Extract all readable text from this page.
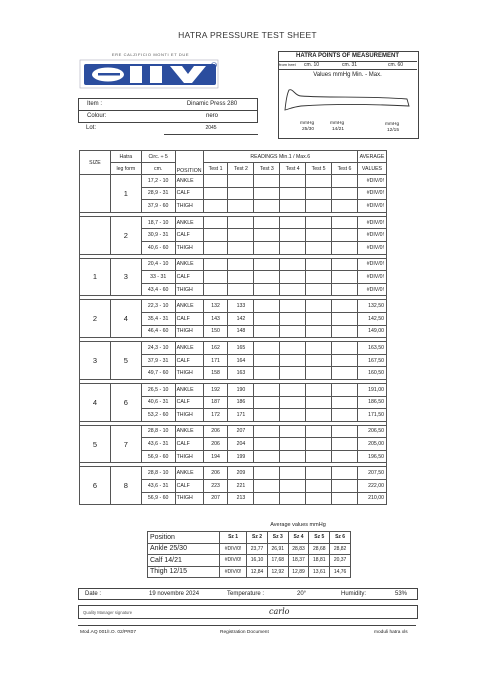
HATRA PRESSURE TEST SHEET
ERE CALZIFICIO MONTI ET DUE	HATRA POINTS OF MEASUREMENT
from heel cm. 10	cm. 31	cm. 60
Values mmHg Min. - Max.
mmHg
25/30
mmHg
14/21
mmHg
12/15
Item :	Dinamic Press 280
Colour:	nero
Lot:	2045
SIZE	Hatra	Circ. ÷ 5	POSITION	READINGS Min.1 / Max.6						AVERAGE
	leg form	cm.		Test 1	Test 2	Test 3	Test 4	Test 5	Test 6	VALUES
	1	17,2 - 10	ANKLE							#DIV/0!
		28,9 - 31	CALF							#DIV/0!
		37,9 - 60	THIGH							#DIV/0!

	2	18,7 - 10	ANKLE							#DIV/0!
		30,9 - 31	CALF							#DIV/0!
		40,6 - 60	THIGH							#DIV/0!

1	3	20,4 - 10	ANKLE							#DIV/0!
		33 - 31	CALF							#DIV/0!
		43,4 - 60	THIGH							#DIV/0!

2	4	22,3 - 10	ANKLE	132	133					132,50
		35,4 - 31	CALF	143	142					142,50
		46,4 - 60	THIGH	150	148					149,00

3	5	24,3 - 10	ANKLE	162	165					163,50
		37,9 - 31	CALF	171	164					167,50
		49,7 - 60	THIGH	158	163					160,50

4	6	26,5 - 10	ANKLE	192	190					191,00
		40,6 - 31	CALF	187	186					186,50
		53,2 - 60	THIGH	172	171					171,50

5	7	28,8 - 10	ANKLE	206	207					206,50
		43,6 - 31	CALF	206	204					205,00
		56,9 - 60	THIGH	194	199					196,50

6	8	28,8 - 10	ANKLE	206	209					207,50
		43,6 - 31	CALF	223	221					222,00
		56,9 - 60	THIGH	207	213					210,00
Average values mmHg
Position	Sz 1	Sz 2	Sz 3	Sz 4	Sz 5	Sz 6
Ankle 25/30	#DIV/0!	23,77	26,91	28,83	28,68	28,82
Calf 14/21	#DIV/0!	16,10	17,68	18,37	18,81	20,37
Thigh 12/15	#DIV/0!	12,84	12,92	12,89	13,61	14,76
Date :	19 novembre 2024	Temperature :	20°	Humidity:	53%
Quality Manager signature	carlo
Mod.AQ 001/I.O. 02/PR07	Registration Document	moduli hatra xls
